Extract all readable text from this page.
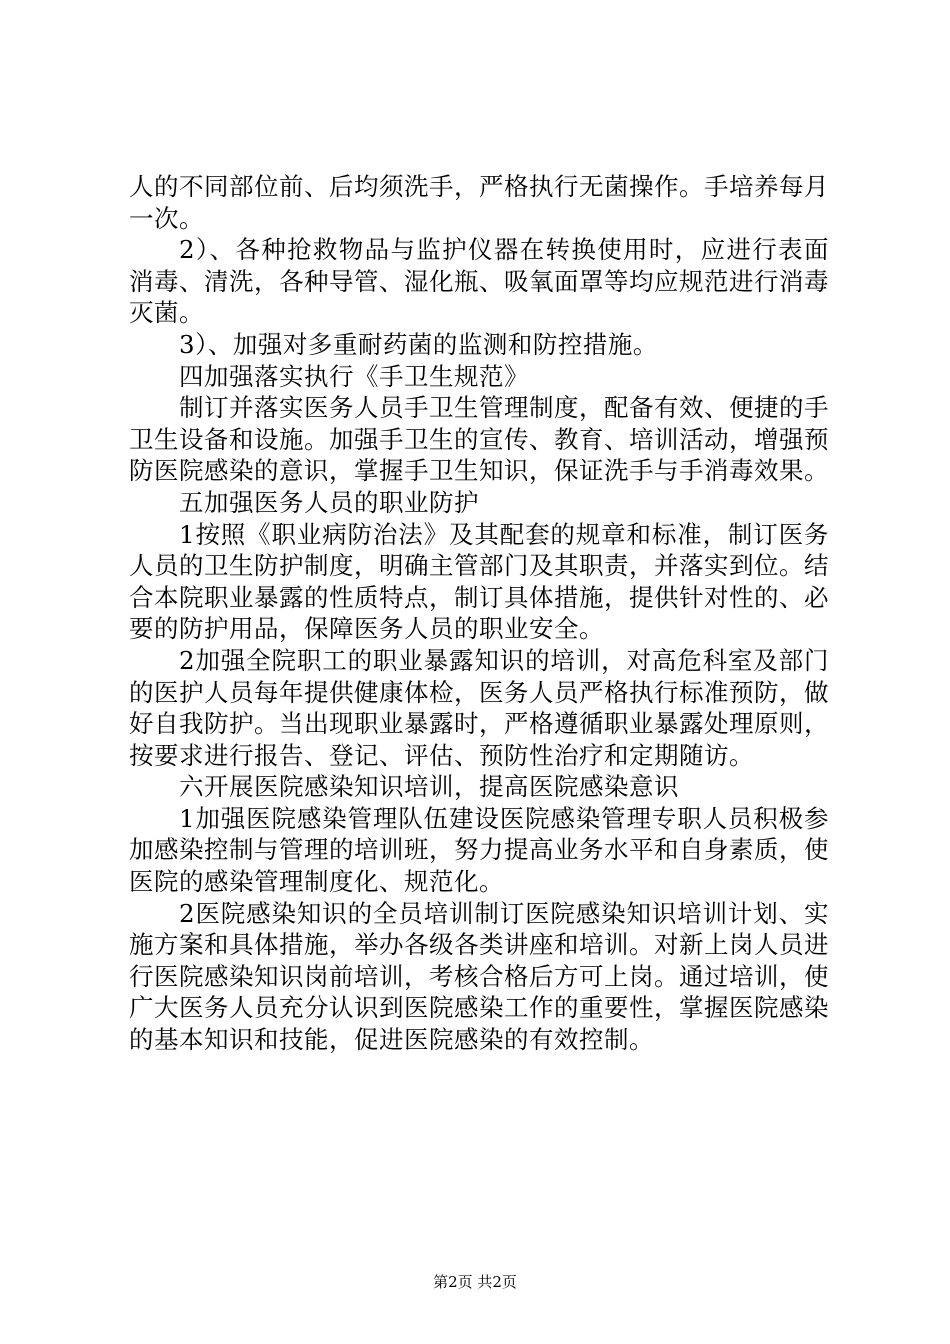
人的不同部位前、后均须洗手，严格执行无菌操作。手培养每月一次。

2）、各种抢救物品与监护仪器在转换使用时，应进行表面消毒、清洗，各种导管、湿化瓶、吸氧面罩等均应规范进行消毒灭菌。

3）、加强对多重耐药菌的监测和防控措施。

四加强落实执行《手卫生规范》

制订并落实医务人员手卫生管理制度，配备有效、便捷的手卫生设备和设施。加强手卫生的宣传、教育、培训活动，增强预防医院感染的意识，掌握手卫生知识，保证洗手与手消毒效果。

五加强医务人员的职业防护

1按照《职业病防治法》及其配套的规章和标准，制订医务人员的卫生防护制度，明确主管部门及其职责，并落实到位。结合本院职业暴露的性质特点，制订具体措施，提供针对性的、必要的防护用品，保障医务人员的职业安全。

2加强全院职工的职业暴露知识的培训，对高危科室及部门的医护人员每年提供健康体检，医务人员严格执行标准预防，做好自我防护。当出现职业暴露时，严格遵循职业暴露处理原则，按要求进行报告、登记、评估、预防性治疗和定期随访。

六开展医院感染知识培训，提高医院感染意识

1加强医院感染管理队伍建设医院感染管理专职人员积极参加感染控制与管理的培训班，努力提高业务水平和自身素质，使医院的感染管理制度化、规范化。

2医院感染知识的全员培训制订医院感染知识培训计划、实施方案和具体措施，举办各级各类讲座和培训。对新上岗人员进行医院感染知识岗前培训，考核合格后方可上岗。通过培训，使广大医务人员充分认识到医院感染工作的重要性，掌握医院感染的基本知识和技能，促进医院感染的有效控制。

第2页 共2页
